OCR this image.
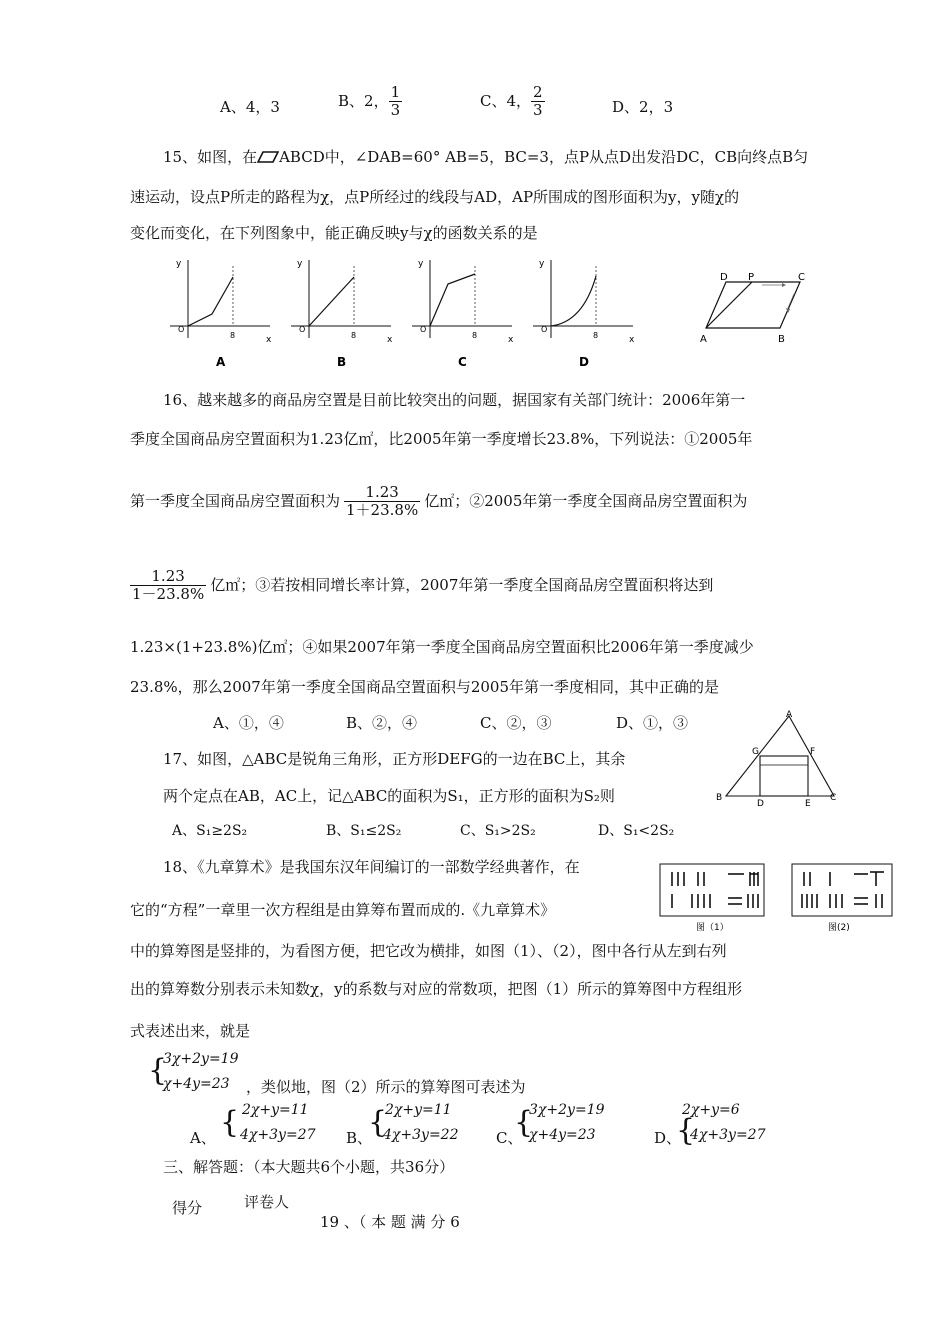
A、4，3	B、2， $\frac{1}{3}$	C、4， $\frac{2}{3}$	D、2，3
15、如图，在 ABCD中，∠DAB=60° AB=5，BC=3，点P从点D出发沿DC，CB向终点B匀
速运动，设点P所走的路程为χ，点P所经过的线段与AD，AP所围成的图形面积为y，y随χ的
变化而变化，在下列图象中，能正确反映y与χ的函数关系的是
y
x
O
8
y
x
O
8
y
x
O
8
y
x
O
8
A	B	C	D
D P	C
A	B
16、越来越多的商品房空置是目前比较突出的问题，据国家有关部门统计：2006年第一
季度全国商品房空置面积为1.23亿㎡，比2005年第一季度增长23.8%，下列说法：①2005年
第一季度全国商品房空置面积为 $\frac{1.23}{1+23.8\%}$ 亿㎡；②2005年第一季度全国商品房空置面积为
$\frac{1.23}{1-23.8\%}$ 亿㎡；③若按相同增长率计算，2007年第一季度全国商品房空置面积将达到
1.23×(1+23.8%)亿㎡；④如果2007年第一季度全国商品房空置面积比2006年第一季度减少
23.8%，那么2007年第一季度全国商品空置面积与2005年第一季度相同，其中正确的是
A、①，④	B、②，④	C、②，③	D、①，③
17、如图，△ABC是锐角三角形，正方形DEFG的一边在BC上，其余
两个定点在AB，AC上，记△ABC的面积为S₁，正方形的面积为S₂则
A、S₁≥2S₂	B、S₁≤2S₂	C、S₁>2S₂	D、S₁<2S₂
A
B	C
D	E
F
G
18、《九章算术》是我国东汉年间编订的一部数学经典著作，在
它的“方程”一章里一次方程组是由算筹布置而成的.《九章算术》
中的算筹图是竖排的，为看图方便，把它改为横排，如图（1）、（2），图中各行从左到右列
出的算筹数分别表示未知数χ，y的系数与对应的常数项，把图（1）所示的算筹图中方程组形
式表述出来，就是
图（1）	图(2)
{
3χ+2y=19
χ+4y=23 ，类似地，图（2）所示的算筹图可表述为
A、 { 2χ+y=11
4χ+3y=27 B、
{
2χ+y=11
4χ+3y=22	C、
{
3χ+2y=19
χ+4y=23	D、
{
2χ+y=6
4χ+3y=27
三、解答题：（本大题共6个小题，共36分）
得分	评卷人
19 、（ 本 题 满 分 6
